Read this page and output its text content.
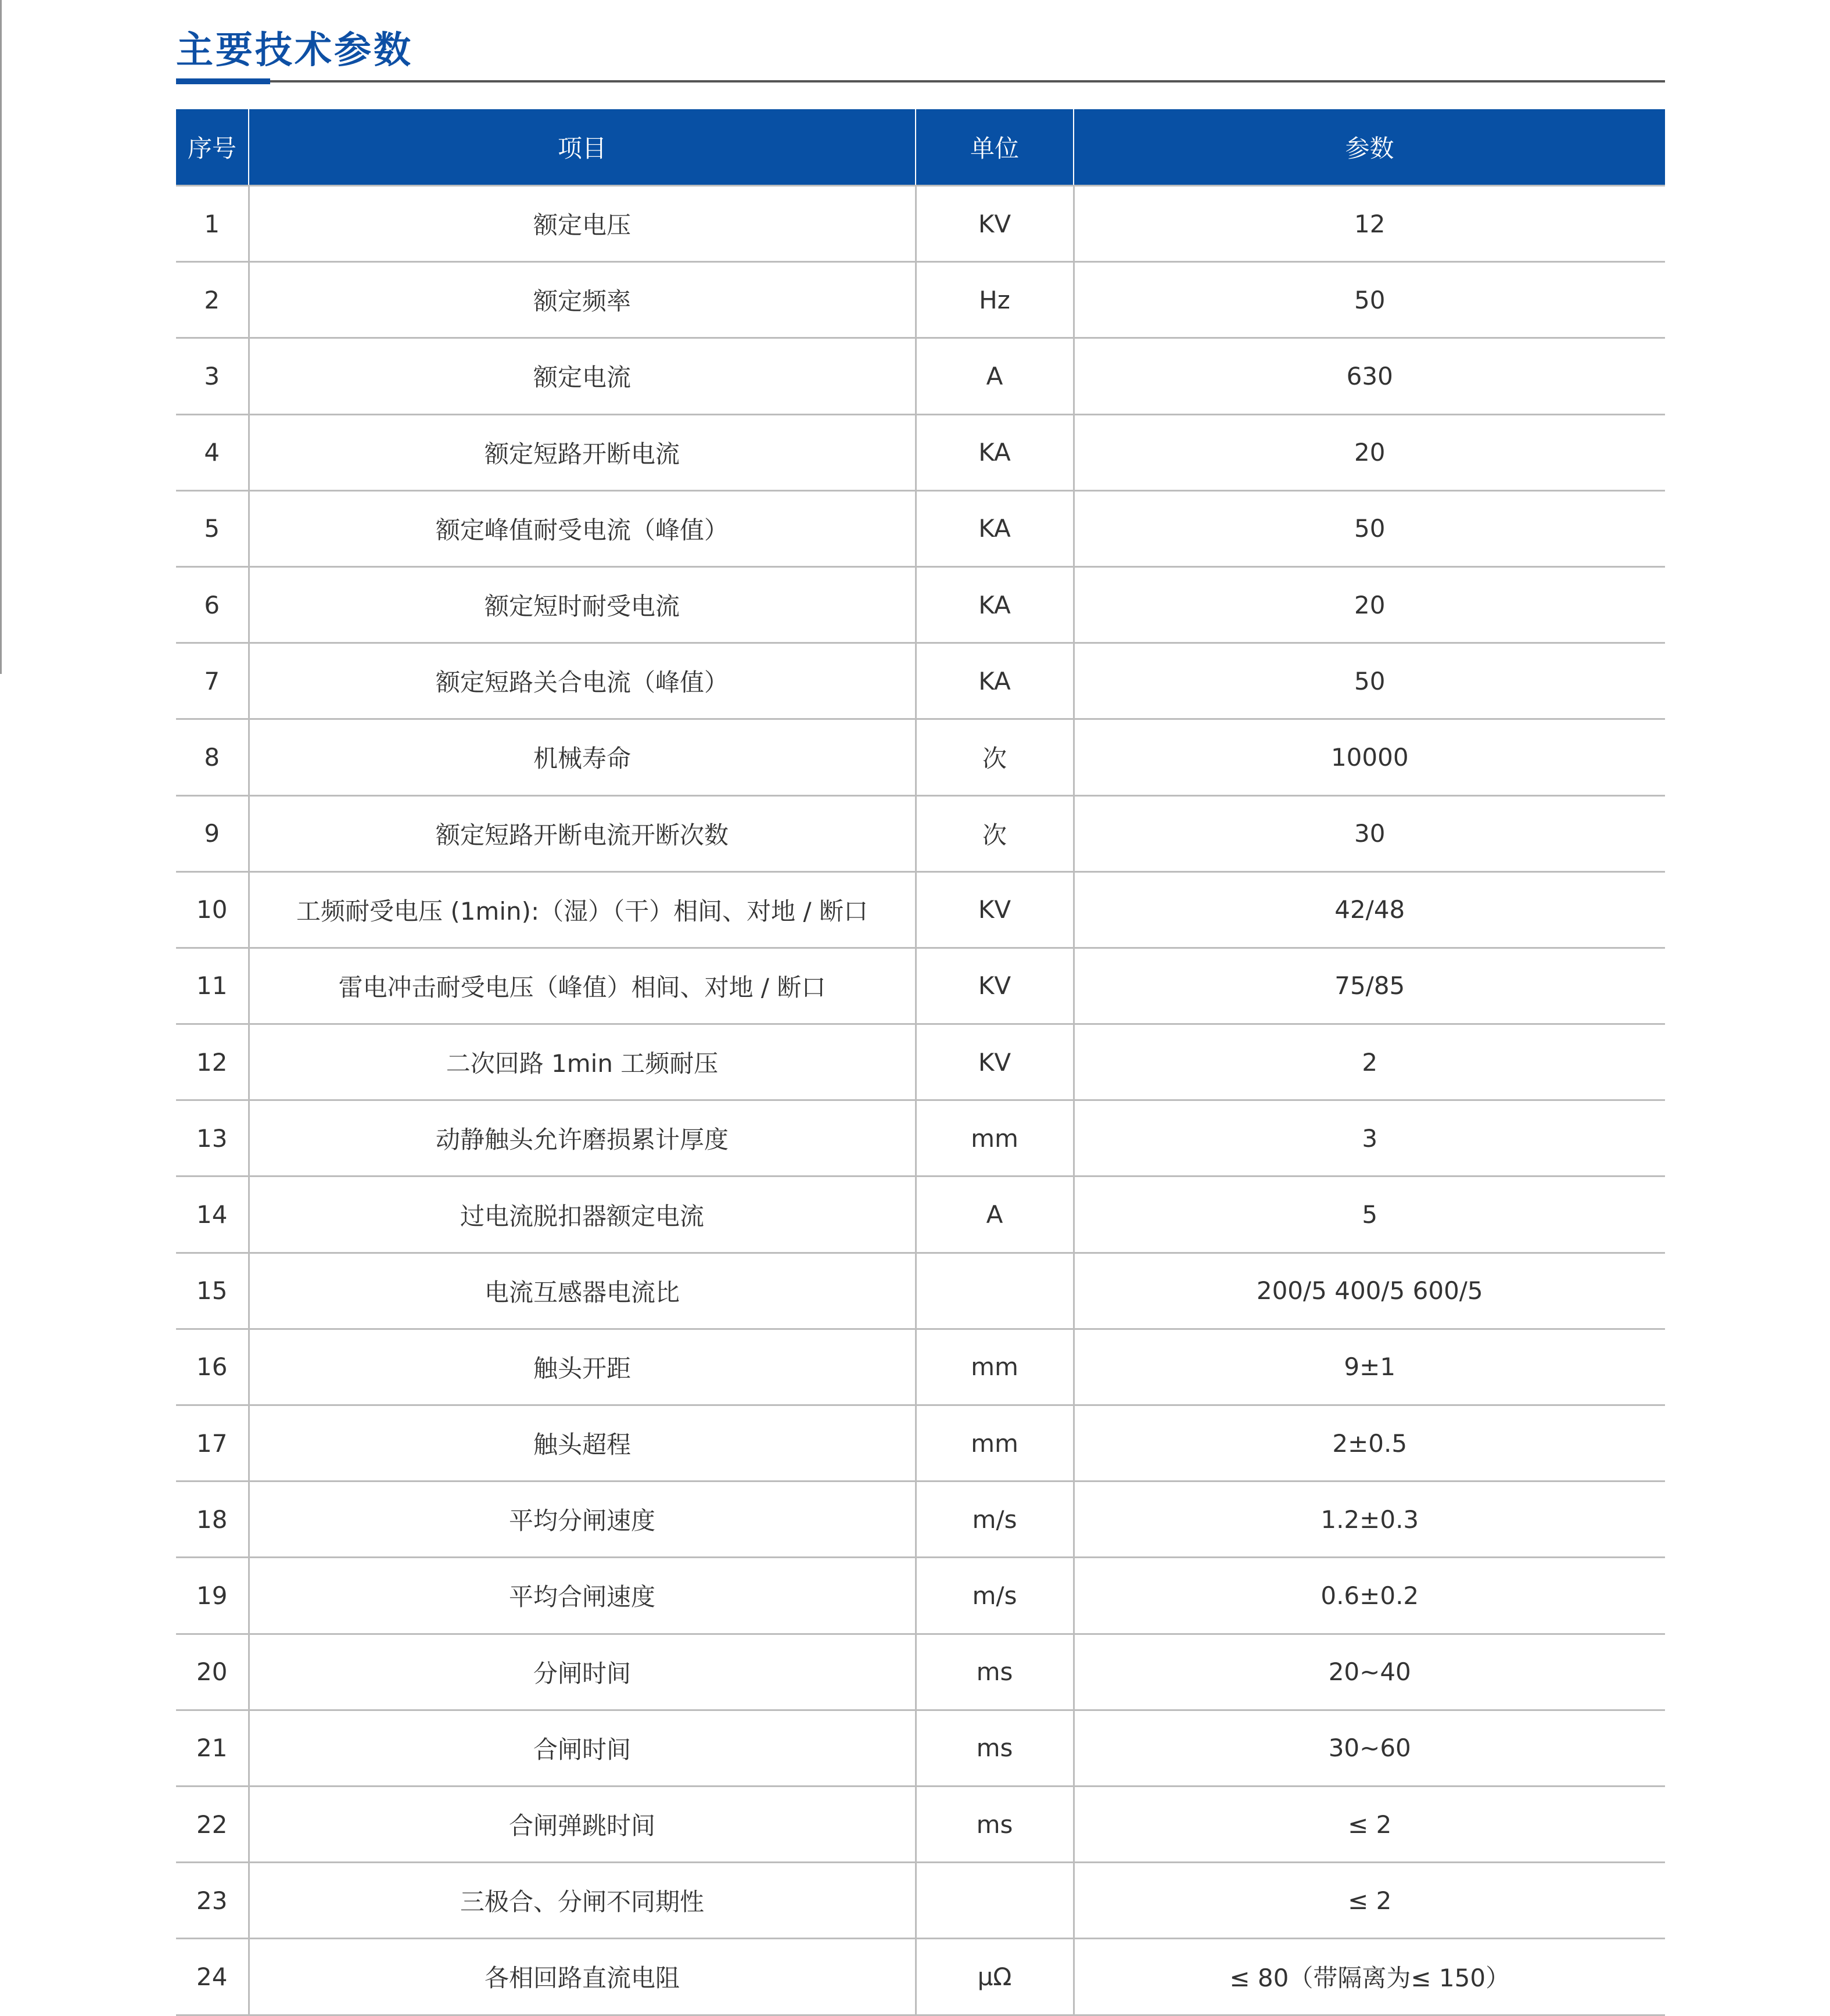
主要技术参数
序号	项目	单位	参数
1	额定电压	KV	12
2	额定频率	Hz	50
3	额定电流	A	630
4	额定短路开断电流	KA	20
5	额定峰值耐受电流（峰值）	KA	50
6	额定短时耐受电流	KA	20
7	额定短路关合电流（峰值）	KA	50
8	机械寿命	次	10000
9	额定短路开断电流开断次数	次	30
10	工频耐受电压 (1min):（湿）（干）相间、对地 / 断口	KV	42/48
11	雷电冲击耐受电压（峰值）相间、对地 / 断口	KV	75/85
12	二次回路 1min 工频耐压	KV	2
13	动静触头允许磨损累计厚度	mm	3
14	过电流脱扣器额定电流	A	5
15	电流互感器电流比		200/5 400/5 600/5
16	触头开距	mm	9±1
17	触头超程	mm	2±0.5
18	平均分闸速度	m/s	1.2±0.3
19	平均合闸速度	m/s	0.6±0.2
20	分闸时间	ms	20~40
21	合闸时间	ms	30~60
22	合闸弹跳时间	ms	≤ 2
23	三极合、分闸不同期性		≤ 2
24	各相回路直流电阻	μΩ	≤ 80（带隔离为≤ 150）
